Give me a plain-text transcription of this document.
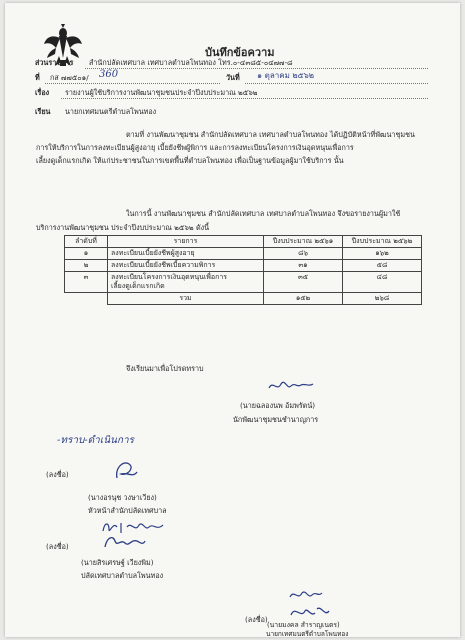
บันทึกข้อความ
ส่วนราชการ สำนักปลัดเทศบาล เทศบาลตำบลโพนทอง โทร.๐-๔๓๘๕-๐๔๗๗-๘
ที่ กส ๗๗๕๐๑/ 360	วันที่ ๑ ตุลาคม ๒๕๖๒
เรื่อง รายงานผู้ใช้บริการงานพัฒนาชุมชนประจำปีงบประมาณ ๒๕๖๒
เรียน นายกเทศมนตรีตำบลโพนทอง
ตามที่ งานพัฒนาชุมชน สำนักปลัดเทศบาล เทศบาลตำบลโพนทอง ได้ปฏิบัติหน้าที่พัฒนาชุมชน
การให้บริการในการลงทะเบียนผู้สูงอายุ เบี้ยยังชีพผู้พิการ และการลงทะเบียนโครงการเงินอุดหนุนเพื่อการ
เลี้ยงดูเด็กแรกเกิด ให้แก่ประชาชนในการเขตพื้นที่ตำบลโพนทอง เพื่อเป็นฐานข้อมูลผู้มาใช้บริการ นั้น
ในการนี้ งานพัฒนาชุมชน สำนักปลัดเทศบาล เทศบาลตำบลโพนทอง จึงขอรายงานผู้มาใช้
บริการงานพัฒนาชุมชน ประจำปีงบประมาณ ๒๕๖๒ ดังนี้
ลำดับที่	รายการ	ปีงบประมาณ ๒๕๖๑	ปีงบประมาณ ๒๕๖๒
๑	ลงทะเบียนเบี้ยยังชีพผู้สูงอายุ	๘๖	๑๖๒
๒	ลงทะเบียนเบี้ยยังชีพเบี้ยความพิการ	๓๑	๕๘
๓	ลงทะเบียนโครงการเงินอุดหนุนเพื่อการ
เลี้ยงดูเด็กแรกเกิด	๓๕	๔๘
	รวม	๑๕๒	๒๖๘
จึงเรียนมาเพื่อโปรดทราบ
(นายฉลองนพ อ้มพรัตน์)
นักพัฒนาชุมชนชำนาญการ
-ทราบ-ดำเนินการ
(ลงชื่อ)
(นางอรนุช วงษาเวียง)
หัวหน้าสำนักปลัดเทศบาล
(ลงชื่อ)
(นายสิรเศรษฐ์ เวียงพิม)
ปลัดเทศบาลตำบลโพนทอง
(ลงชื่อ)
(นายมงคล สำราญเนตร)
นายกเทศมนตรีตำบลโพนทอง
